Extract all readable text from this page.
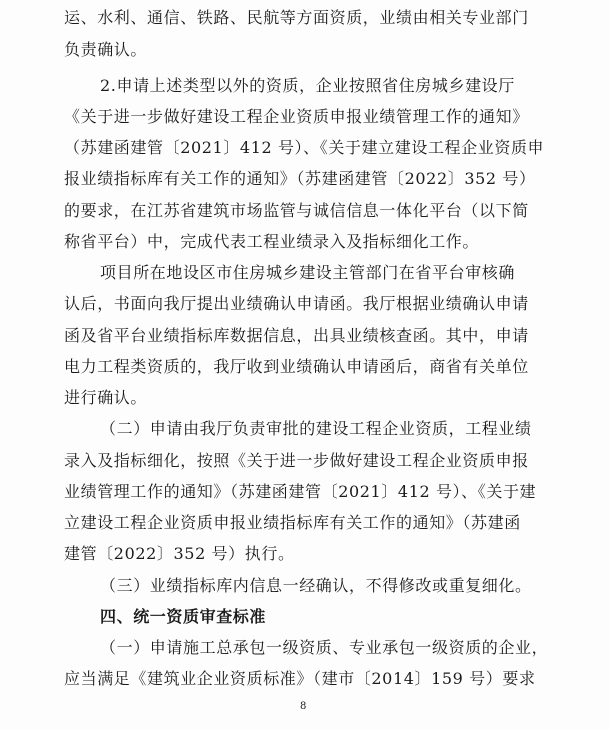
运、水利、通信、铁路、民航等方面资质，业绩由相关专业部门
负责确认。
2.申请上述类型以外的资质，企业按照省住房城乡建设厅
《关于进一步做好建设工程企业资质申报业绩管理工作的通知》
（苏建函建管〔2021〕412 号）、《关于建立建设工程企业资质申
报业绩指标库有关工作的通知》（苏建函建管〔2022〕352 号）
的要求，在江苏省建筑市场监管与诚信信息一体化平台（以下简
称省平台）中，完成代表工程业绩录入及指标细化工作。
项目所在地设区市住房城乡建设主管部门在省平台审核确
认后，书面向我厅提出业绩确认申请函。我厅根据业绩确认申请
函及省平台业绩指标库数据信息，出具业绩核查函。其中，申请
电力工程类资质的，我厅收到业绩确认申请函后，商省有关单位
进行确认。
（二）申请由我厅负责审批的建设工程企业资质，工程业绩
录入及指标细化，按照《关于进一步做好建设工程企业资质申报
业绩管理工作的通知》（苏建函建管〔2021〕412 号）、《关于建
立建设工程企业资质申报业绩指标库有关工作的通知》（苏建函
建管〔2022〕352 号）执行。
（三）业绩指标库内信息一经确认，不得修改或重复细化。
四、统一资质审查标准
（一）申请施工总承包一级资质、专业承包一级资质的企业，
应当满足《建筑业企业资质标准》（建市〔2014〕159 号）要求
8
